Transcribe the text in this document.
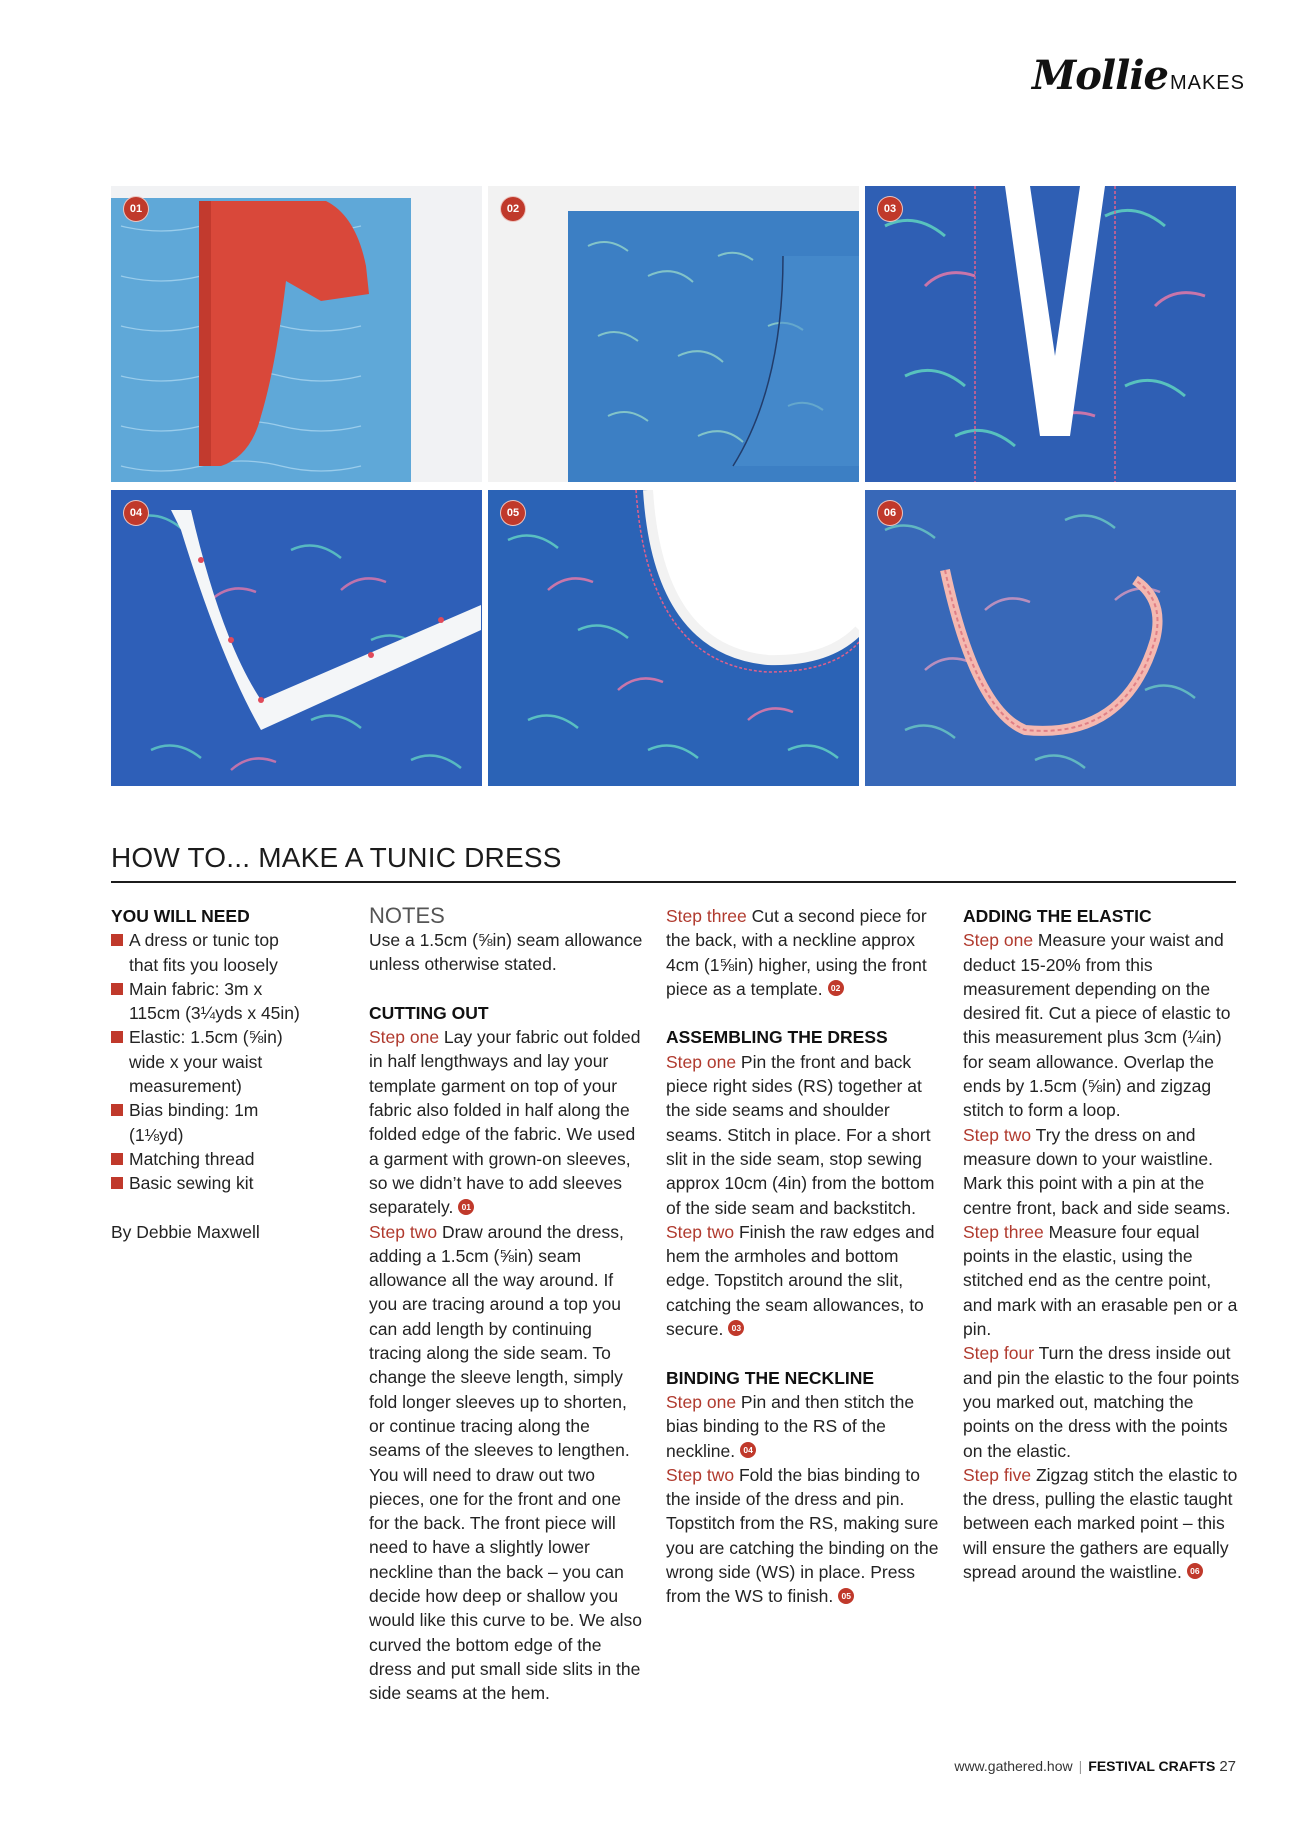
Mollie MAKES
01	02	03
04	05	06
HOW TO... MAKE A TUNIC DRESS
YOU WILL NEED
A dress or tunic top that fits you loosely
Main fabric: 3m x 115cm (3¼yds x 45in)
Elastic: 1.5cm (⅝in) wide x your waist measurement)
Bias binding: 1m (1⅛yd)
Matching thread
Basic sewing kit
By Debbie Maxwell
NOTES
Use a 1.5cm (⅝in) seam allowance unless otherwise stated.
CUTTING OUT
Step one Lay your fabric out folded in half lengthways and lay your template garment on top of your fabric also folded in half along the folded edge of the fabric. We used a garment with grown-on sleeves, so we didn’t have to add sleeves separately. 01
Step two Draw around the dress, adding a 1.5cm (⅝in) seam allowance all the way around. If you are tracing around a top you can add length by continuing tracing along the side seam. To change the sleeve length, simply fold longer sleeves up to shorten, or continue tracing along the seams of the sleeves to lengthen. You will need to draw out two pieces, one for the front and one for the back. The front piece will need to have a slightly lower neckline than the back – you can decide how deep or shallow you would like this curve to be. We also curved the bottom edge of the dress and put small side slits in the side seams at the hem.
Step three Cut a second piece for the back, with a neckline approx 4cm (1⅝in) higher, using the front piece as a template. 02
ASSEMBLING THE DRESS
Step one Pin the front and back piece right sides (RS) together at the side seams and shoulder seams. Stitch in place. For a short slit in the side seam, stop sewing approx 10cm (4in) from the bottom of the side seam and backstitch.
Step two Finish the raw edges and hem the armholes and bottom edge. Topstitch around the slit, catching the seam allowances, to secure. 03
BINDING THE NECKLINE
Step one Pin and then stitch the bias binding to the RS of the neckline. 04
Step two Fold the bias binding to the inside of the dress and pin. Topstitch from the RS, making sure you are catching the binding on the wrong side (WS) in place. Press from the WS to finish. 05
ADDING THE ELASTIC
Step one Measure your waist and deduct 15-20% from this measurement depending on the desired fit. Cut a piece of elastic to this measurement plus 3cm (¼in) for seam allowance. Overlap the ends by 1.5cm (⅝in) and zigzag stitch to form a loop.
Step two Try the dress on and measure down to your waistline. Mark this point with a pin at the centre front, back and side seams.
Step three Measure four equal points in the elastic, using the stitched end as the centre point, and mark with an erasable pen or a pin.
Step four Turn the dress inside out and pin the elastic to the four points you marked out, matching the points on the dress with the points on the elastic.
Step five Zigzag stitch the elastic to the dress, pulling the elastic taught between each marked point – this will ensure the gathers are equally spread around the waistline. 06
www.gathered.how | FESTIVAL CRAFTS 27
